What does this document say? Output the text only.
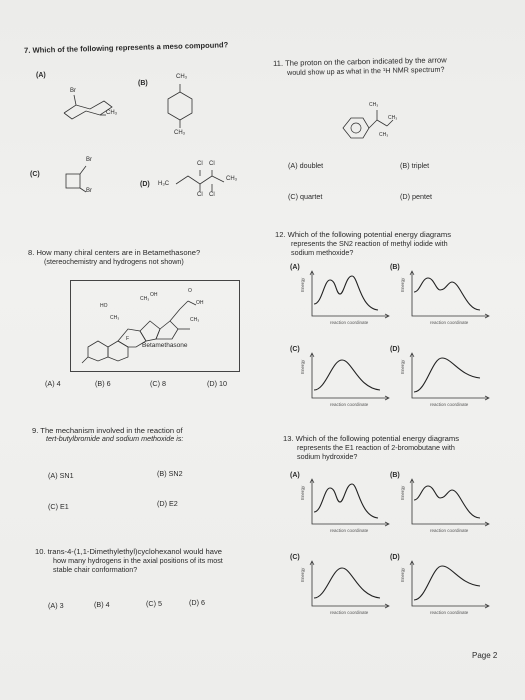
7. Which of the following represents a meso compound?
(A)
(B)
(C)
(D)
Br
CH₃
CH₃
CH₃
Br
Br
H₃C
CH₃
Cl Cl
Cl Cl
8. How many chiral centers are in Betamethasone?
(stereochemistry and hydrogens not shown)
HO	OH
OH
O
F
CH₃
CH₃
CH₃
Betamethasone
(A) 4	(B) 6	(C) 8	(D) 10
9. The mechanism involved in the reaction of
tert-butylbromide and sodium methoxide is:
(A) SN1	(B) SN2
(C) E1	(D) E2
10. trans-4-(1,1-Dimethylethyl)cyclohexanol would have
how many hydrogens in the axial positions of its most
stable chair conformation?
(A) 3	(B) 4	(C) 5	(D) 6
11. The proton on the carbon indicated by the arrow
would show up as what in the ¹H NMR spectrum?
CH₃
CH₃
CH₃
(A) doublet	(B) triplet
(C) quartet	(D) pentet
12. Which of the following potential energy diagrams
represents the SN2 reaction of methyl iodide with
sodium methoxide?
13. Which of the following potential energy diagrams
represents the E1 reaction of 2-bromobutane with
sodium hydroxide?
(A)
Energy
reaction coordinate
(B)
Energy
reaction coordinate
(C)
Energy
reaction coordinate
(D)
Energy
reaction coordinate
(A)
Energy
reaction coordinate
(B)
Energy
reaction coordinate
(C)
Energy
reaction coordinate
(D)
Energy
reaction coordinate
Page 2
